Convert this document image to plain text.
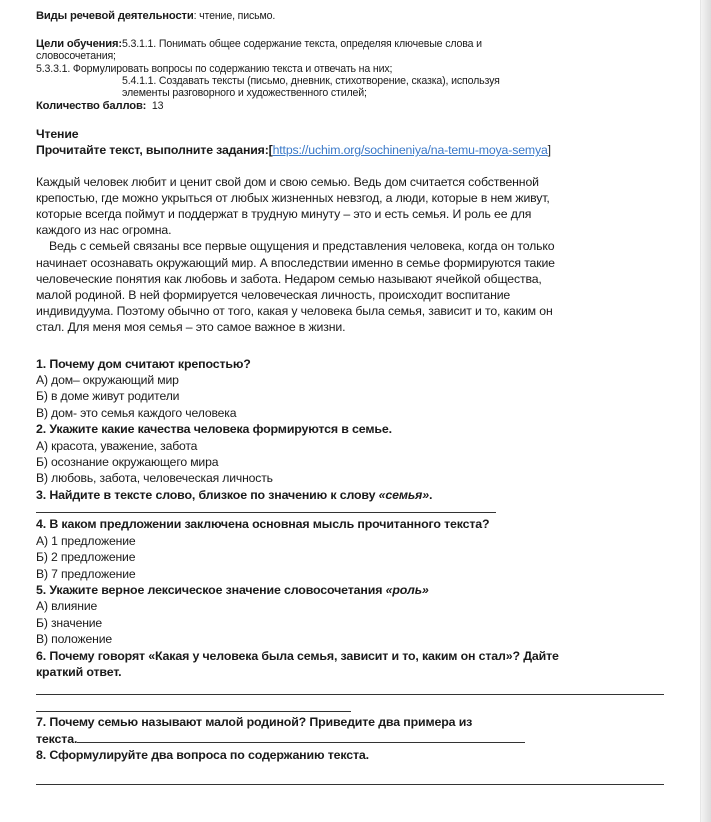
Виды речевой деятельности: чтение, письмо.
Цели обучения:5.3.1.1. Понимать общее содержание текста, определяя ключевые слова и
словосочетания;
5.3.3.1. Формулировать вопросы по содержанию текста и отвечать на них;
5.4.1.1. Создавать тексты (письмо, дневник, стихотворение, сказка), используя
элементы разговорного и художественного стилей;
Количество баллов: 13
Чтение
Прочитайте текст, выполните задания:[https://uchim.org/sochineniya/na-temu-moya-semya]
Каждый человек любит и ценит свой дом и свою семью. Ведь дом считается собственной
крепостью, где можно укрыться от любых жизненных невзгод, а люди, которые в нем живут,
которые всегда поймут и поддержат в трудную минуту – это и есть семья. И роль ее для
каждого из нас огромна.
Ведь с семьей связаны все первые ощущения и представления человека, когда он только
начинает осознавать окружающий мир. А впоследствии именно в семье формируются такие
человеческие понятия как любовь и забота. Недаром семью называют ячейкой общества,
малой родиной. В ней формируется человеческая личность, происходит воспитание
индивидуума. Поэтому обычно от того, какая у человека была семья, зависит и то, каким он
стал. Для меня моя семья – это самое важное в жизни.
1. Почему дом считают крепостью?
А) дом– окружающий мир
Б) в доме живут родители
В) дом- это семья каждого человека
2. Укажите какие качества человека формируются в семье.
А) красота, уважение, забота
Б) осознание окружающего мира
В) любовь, забота, человеческая личность
3. Найдите в тексте слово, близкое по значению к слову «семья».
4. В каком предложении заключена основная мысль прочитанного текста?
А) 1 предложение
Б) 2 предложение
В) 7 предложение
5. Укажите верное лексическое значение словосочетания «роль»
А) влияние
Б) значение
В) положение
6. Почему говорят «Какая у человека была семья, зависит и то, каким он стал»? Дайте
краткий ответ.
7. Почему семью называют малой родиной? Приведите два примера из
текста.
8. Сформулируйте два вопроса по содержанию текста.
